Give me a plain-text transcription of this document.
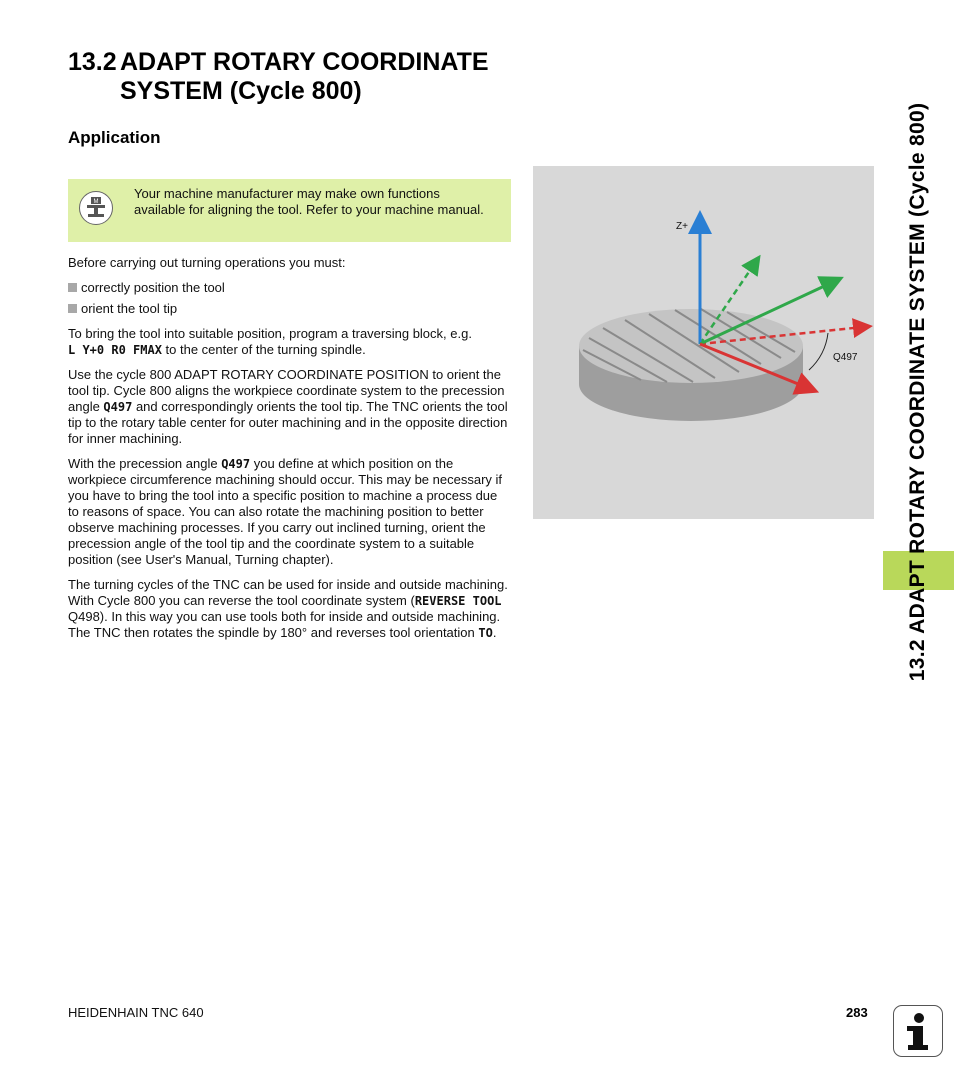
13.2 ADAPT ROTARY COORDINATE
SYSTEM (Cycle 800)
Application
M
Your machine manufacturer may make own functions available for aligning the tool. Refer to your machine manual.

Before carrying out turning operations you must:

correctly position the tool
orient the tool tip

To bring the tool into suitable position, program a traversing block, e.g.
L Y+0 R0 FMAX to the center of the turning spindle.

Use the cycle 800 ADAPT ROTARY COORDINATE POSITION to orient the tool tip. Cycle 800 aligns the workpiece coordinate system to the precession angle Q497 and correspondingly orients the tool tip. The TNC orients the tool tip to the rotary table center for outer machining and in the opposite direction for inner machining.

With the precession angle Q497 you define at which position on the workpiece circumference machining should occur. This may be necessary if you have to bring the tool into a specific position to machine a process due to reasons of space. You can also rotate the machining position to better observe machining processes. If you carry out inclined turning, orient the precession angle of the tool tip and the coordinate system to a suitable position (see User's Manual, Turning chapter).

The turning cycles of the TNC can be used for inside and outside machining. With Cycle 800 you can reverse the tool coordinate system (REVERSE TOOL Q498). In this way you can use tools both for inside and outside machining. The TNC then rotates the spindle by 180° and reverses tool orientation TO.

Z+
Q497 13.2 ADAPT ROTARY COORDINATE SYSTEM (Cycle 800)
HEIDENHAIN TNC 640	283
